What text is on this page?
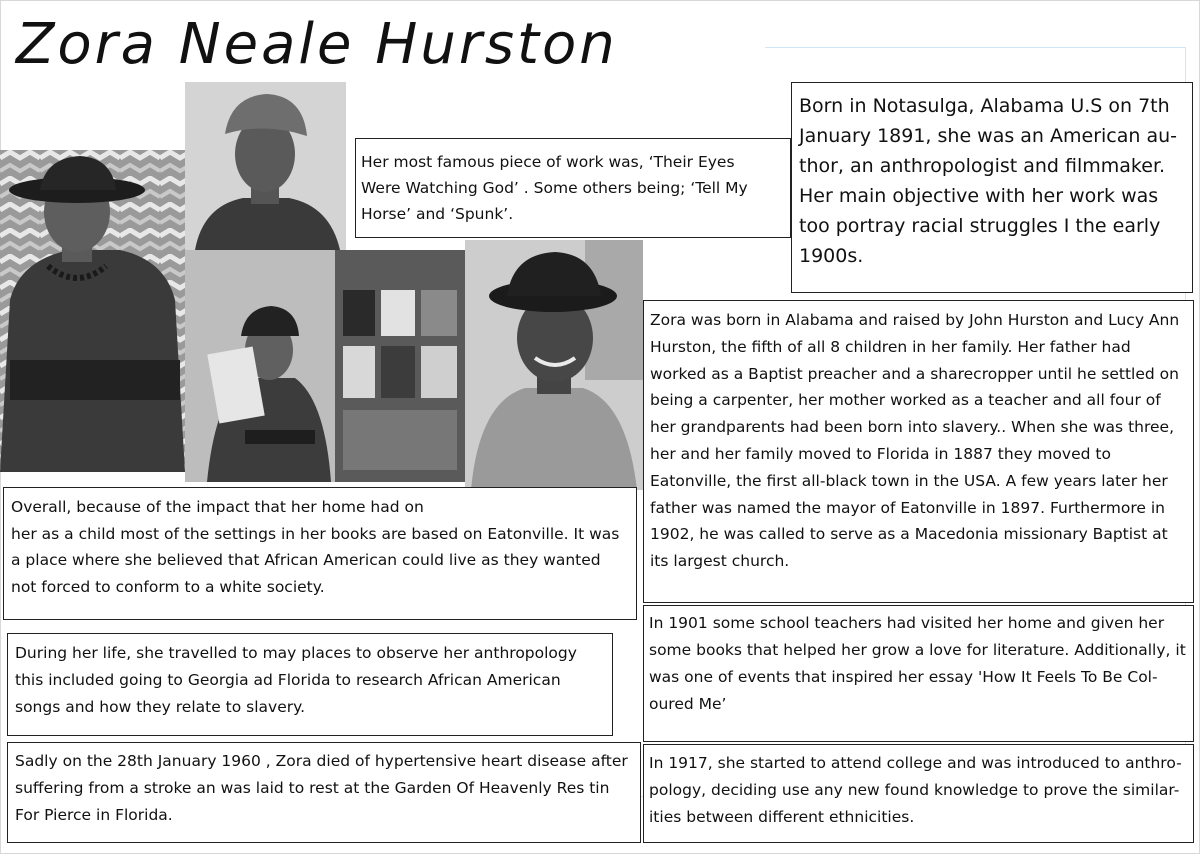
Zora Neale Hurston
Born in Notasulga, Alabama U.S on 7th January 1891, she was an American au-thor, an anthropologist and filmmaker. Her main objective with her work was too portray racial struggles I the early 1900s.
Her most famous piece of work was, ‘Their Eyes Were Watching God’ . Some others being; ‘Tell My Horse’ and ‘Spunk’.
Zora was born in Alabama and raised by John Hurston and Lucy Ann Hurston, the fifth of all 8 children in her family. Her father had worked as a Baptist preacher and a sharecropper until he settled on being a carpenter, her mother worked as a teacher and all four of her grandparents had been born into slavery.. When she was three, her and her family moved to Florida in 1887 they moved to Eatonville, the first all-black town in the USA. A few years later her father was named the mayor of Eatonville in 1897. Furthermore in 1902, he was called to serve as a Macedonia missionary Baptist at its largest church.
Overall, because of the impact that her home had on
her as a child most of the settings in her books are based on Eatonville. It was a place where she believed that African American could live as they wanted not forced to conform to a white society.
In 1901 some school teachers had visited her home and given her some books that helped her grow a love for literature. Additionally, it was one of events that inspired her essay 'How It Feels To Be Col-oured Me’
During her life, she travelled to may places to observe her anthropology this included going to Georgia ad Florida to research African American songs and how they relate to slavery.
Sadly on the 28th January 1960 , Zora died of hypertensive heart disease after suffering from a stroke an was laid to rest at the Garden Of Heavenly Res tin For Pierce in Florida.
In 1917, she started to attend college and was introduced to anthro-pology, deciding use any new found knowledge to prove the similar-ities between different ethnicities.
